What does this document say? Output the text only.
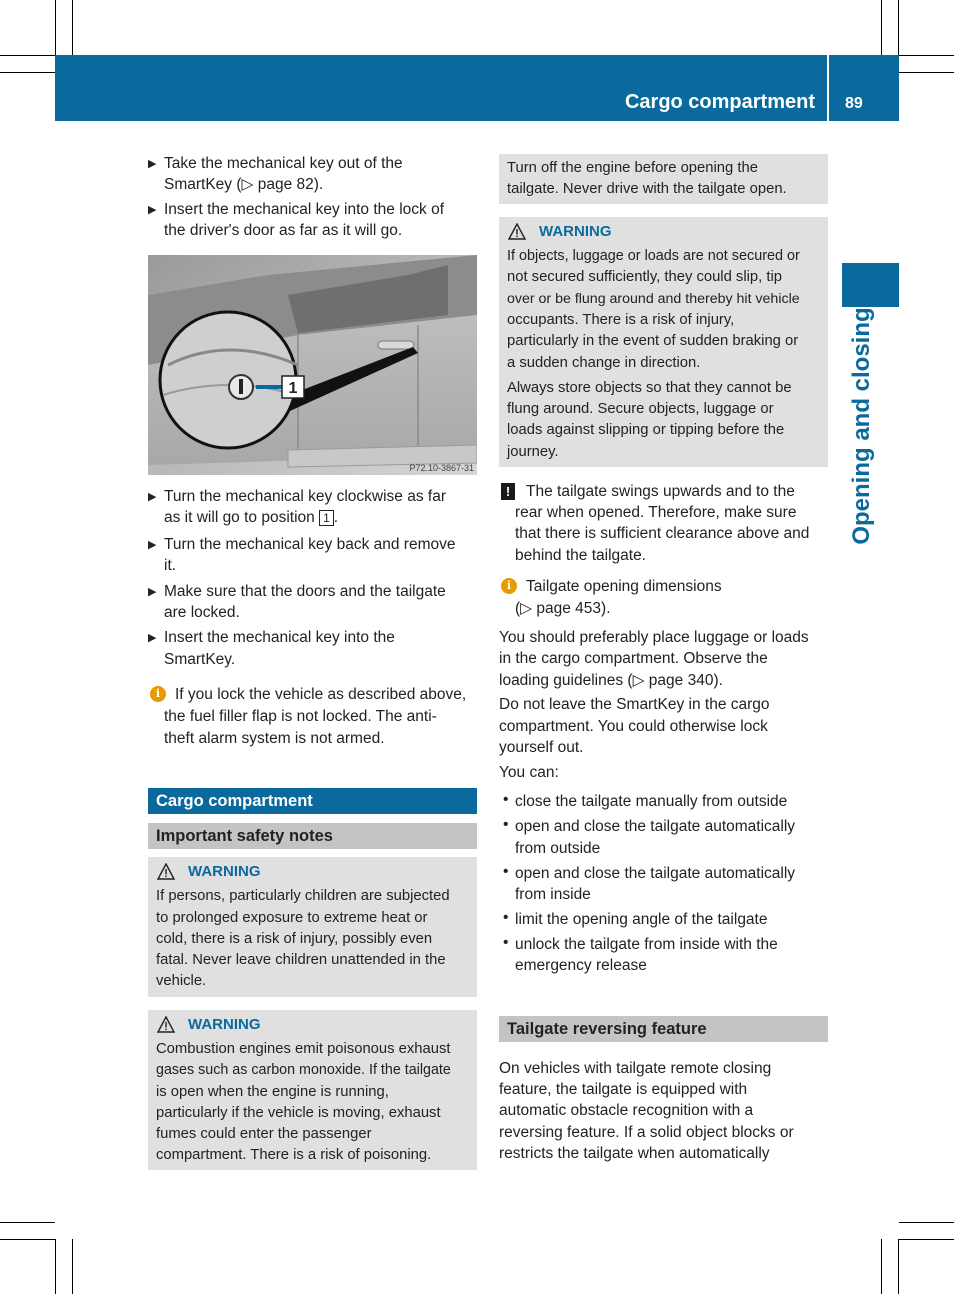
Cargo compartment 89
Opening and closing
▶ Take the mechanical key out of the
SmartKey (▷ page 82).
▶ Insert the mechanical key into the lock of
the driver's door as far as it will go.
1
P72.10-3867-31
▶ Turn the mechanical key clockwise as far
as it will go to position 1 .
▶ Turn the mechanical key back and remove
it.
▶ Make sure that the doors and the tailgate
are locked.
▶ Insert the mechanical key into the
SmartKey.
i If you lock the vehicle as described above,
the fuel filler flap is not locked. The anti-
theft alarm system is not armed.
Cargo compartment
Important safety notes
WARNING
If persons, particularly children are subjected
to prolonged exposure to extreme heat or
cold, there is a risk of injury, possibly even
fatal. Never leave children unattended in the
vehicle.
WARNING
Combustion engines emit poisonous exhaust
gases such as carbon monoxide. If the tailgate
is open when the engine is running,
particularly if the vehicle is moving, exhaust
fumes could enter the passenger
compartment. There is a risk of poisoning.
Turn off the engine before opening the
tailgate. Never drive with the tailgate open.
WARNING
If objects, luggage or loads are not secured or
not secured sufficiently, they could slip, tip
over or be flung around and thereby hit vehicle
occupants. There is a risk of injury,
particularly in the event of sudden braking or
a sudden change in direction.
Always store objects so that they cannot be
flung around. Secure objects, luggage or
loads against slipping or tipping before the
journey.
!	The tailgate swings upwards and to the
rear when opened. Therefore, make sure
that there is sufficient clearance above and
behind the tailgate.
i Tailgate opening dimensions
(▷ page 453).
You should preferably place luggage or loads
in the cargo compartment. Observe the
loading guidelines (▷ page 340).
Do not leave the SmartKey in the cargo
compartment. You could otherwise lock
yourself out.
You can:
• close the tailgate manually from outside
• open and close the tailgate automatically
from outside
• open and close the tailgate automatically
from inside
• limit the opening angle of the tailgate
• unlock the tailgate from inside with the
emergency release
Tailgate reversing feature
On vehicles with tailgate remote closing
feature, the tailgate is equipped with
automatic obstacle recognition with a
reversing feature. If a solid object blocks or
restricts the tailgate when automatically
